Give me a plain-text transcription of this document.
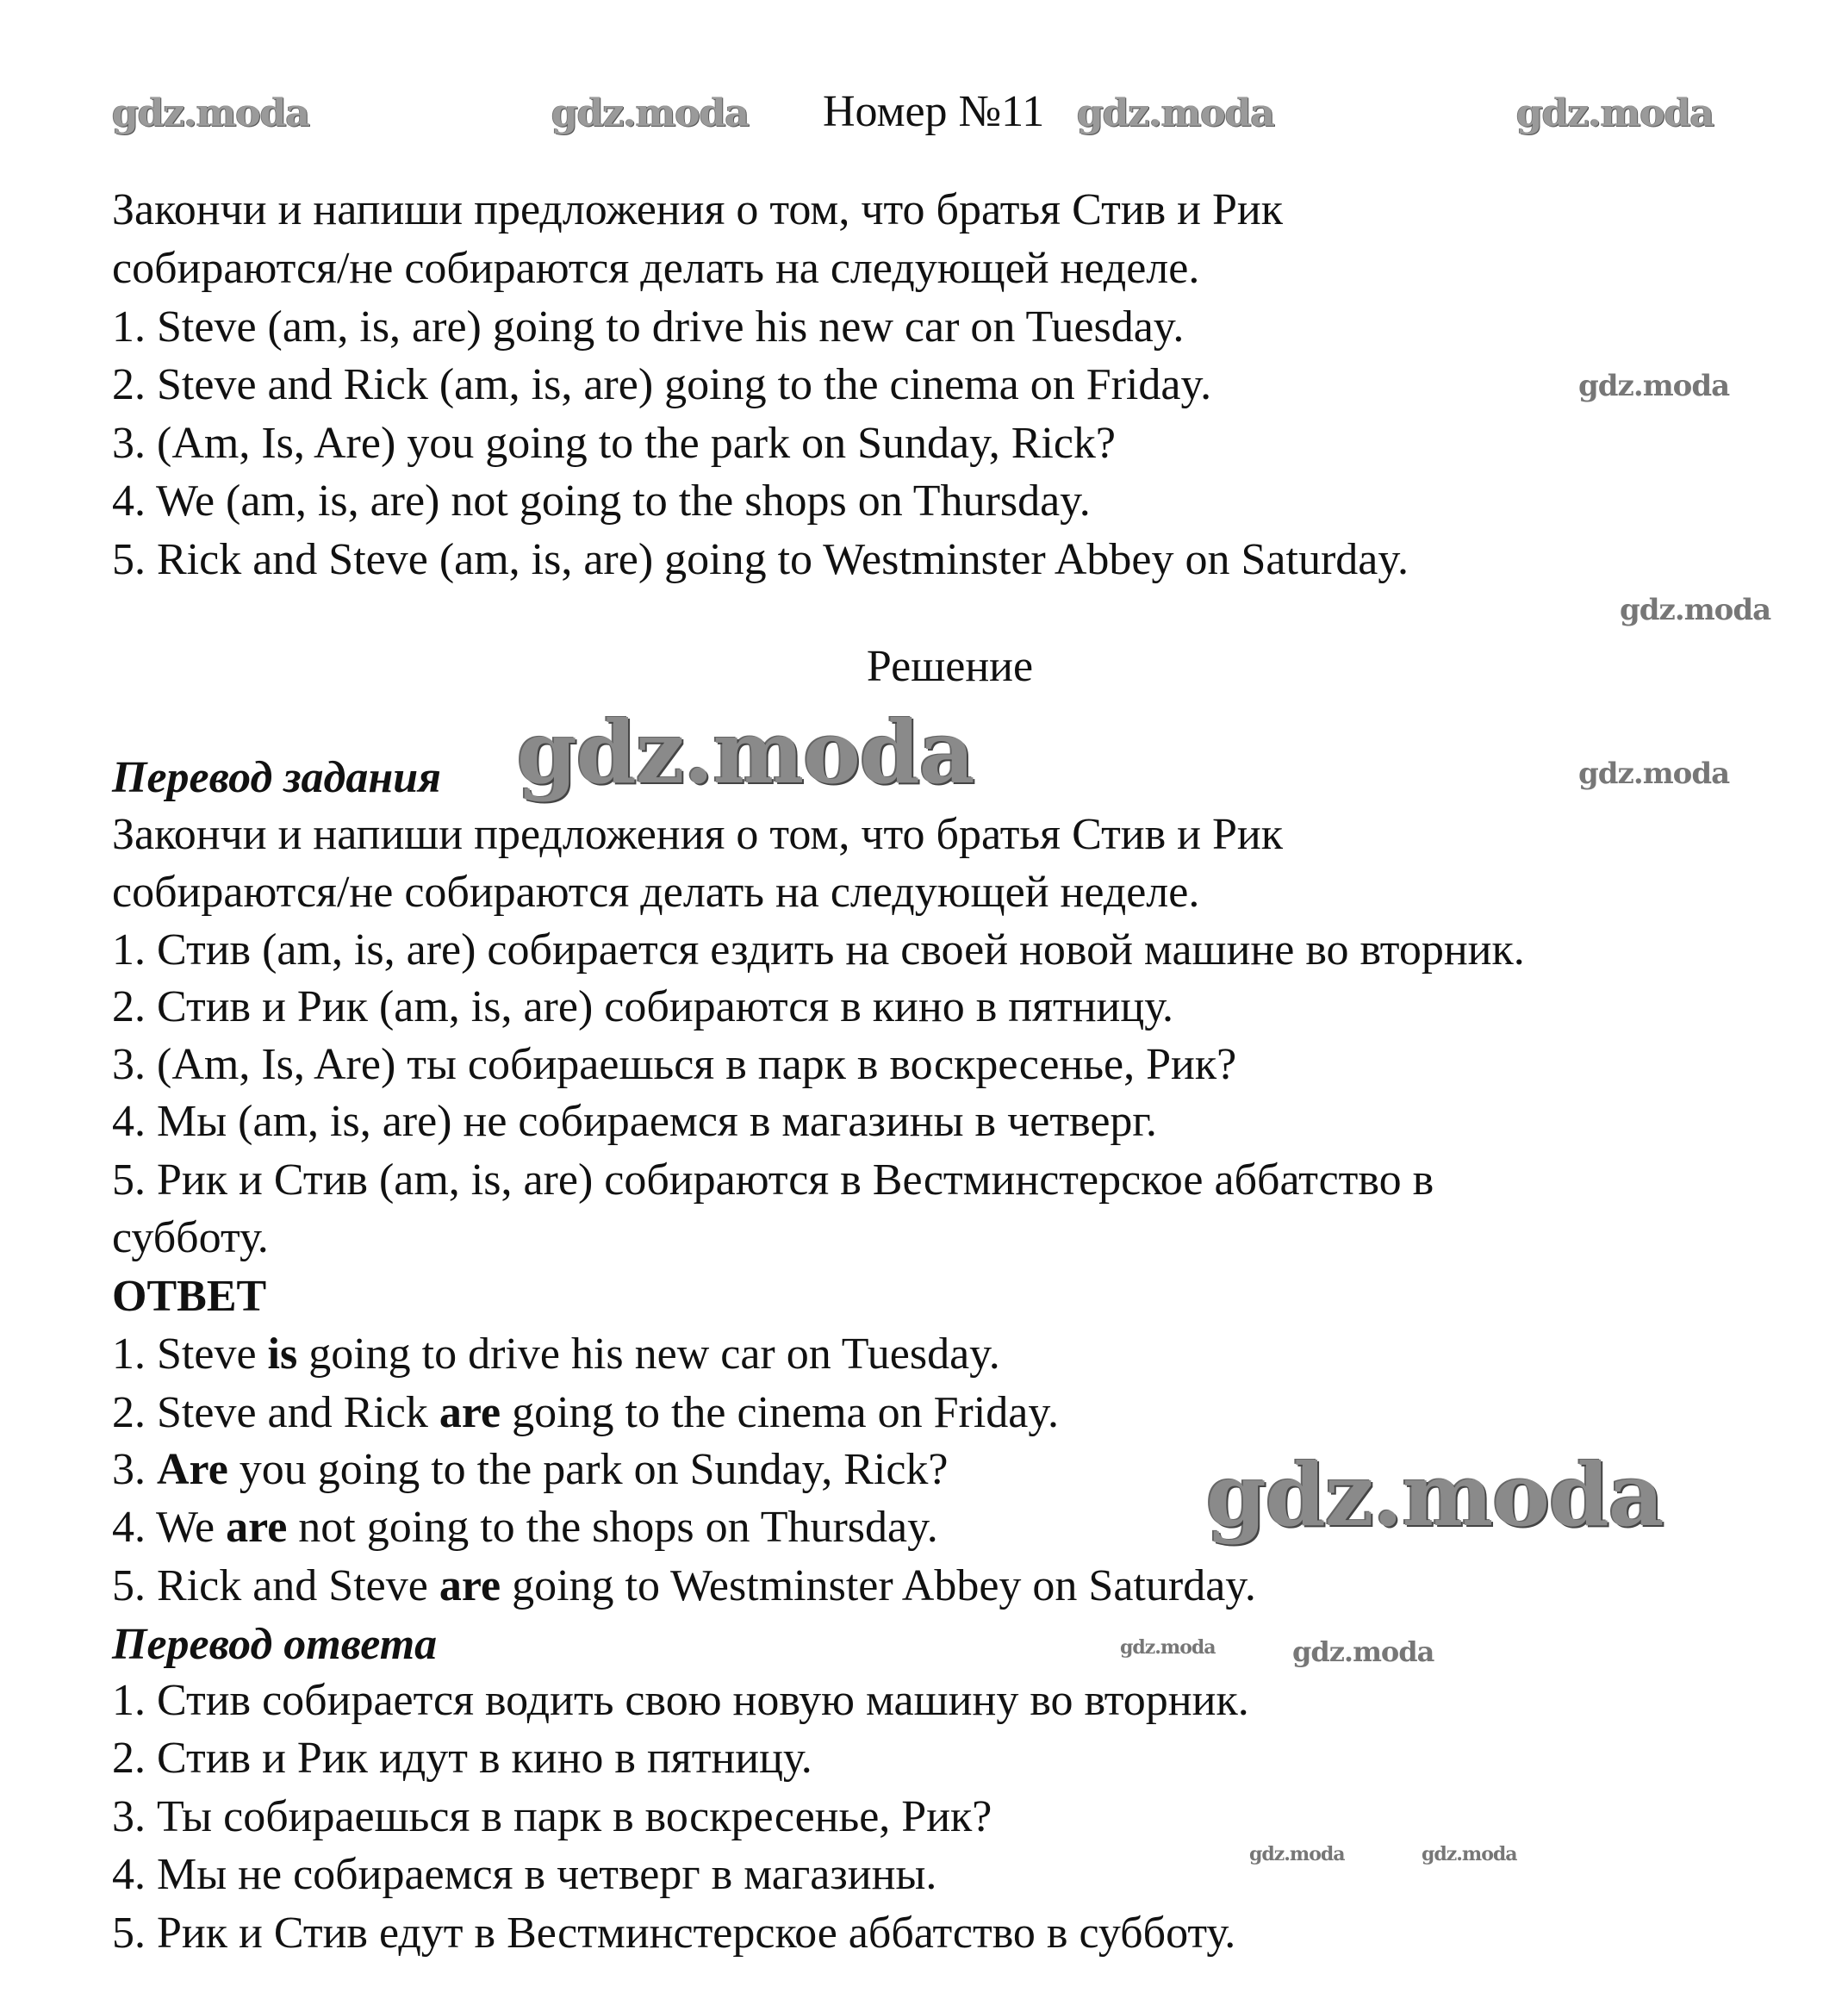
gdz.moda	gdz.moda	gdz.moda	gdz.moda
gdz.moda
gdz.moda
gdz.moda
gdz.moda
gdz.moda
gdz.moda	gdz.moda
gdz.moda	gdz.moda
Номер №11
Закончи и напиши предложения о том, что братья Стив и Рик
собираются/не собираются делать на следующей неделе.
1. Steve (am, is, are) going to drive his new car on Tuesday.
2. Steve and Rick (am, is, are) going to the cinema on Friday.
3. (Am, Is, Are) you going to the park on Sunday, Rick?
4. We (am, is, are) not going to the shops on Thursday.
5. Rick and Steve (am, is, are) going to Westminster Abbey on Saturday.
Решение
Перевод задания
Закончи и напиши предложения о том, что братья Стив и Рик
собираются/не собираются делать на следующей неделе.
1. Стив (am, is, are) собирается ездить на своей новой машине во вторник.
2. Стив и Рик (am, is, are) собираются в кино в пятницу.
3. (Am, Is, Are) ты собираешься в парк в воскресенье, Рик?
4. Мы (am, is, are) не собираемся в магазины в четверг.
5. Рик и Стив (am, is, are) собираются в Вестминстерское аббатство в
субботу.
ОТВЕТ
1. Steve is going to drive his new car on Tuesday.
2. Steve and Rick are going to the cinema on Friday.
3. Are you going to the park on Sunday, Rick?
4. We are not going to the shops on Thursday.
5. Rick and Steve are going to Westminster Abbey on Saturday.
Перевод ответа
1. Стив собирается водить свою новую машину во вторник.
2. Стив и Рик идут в кино в пятницу.
3. Ты собираешься в парк в воскресенье, Рик?
4. Мы не собираемся в четверг в магазины.
5. Рик и Стив едут в Вестминстерское аббатство в субботу.
